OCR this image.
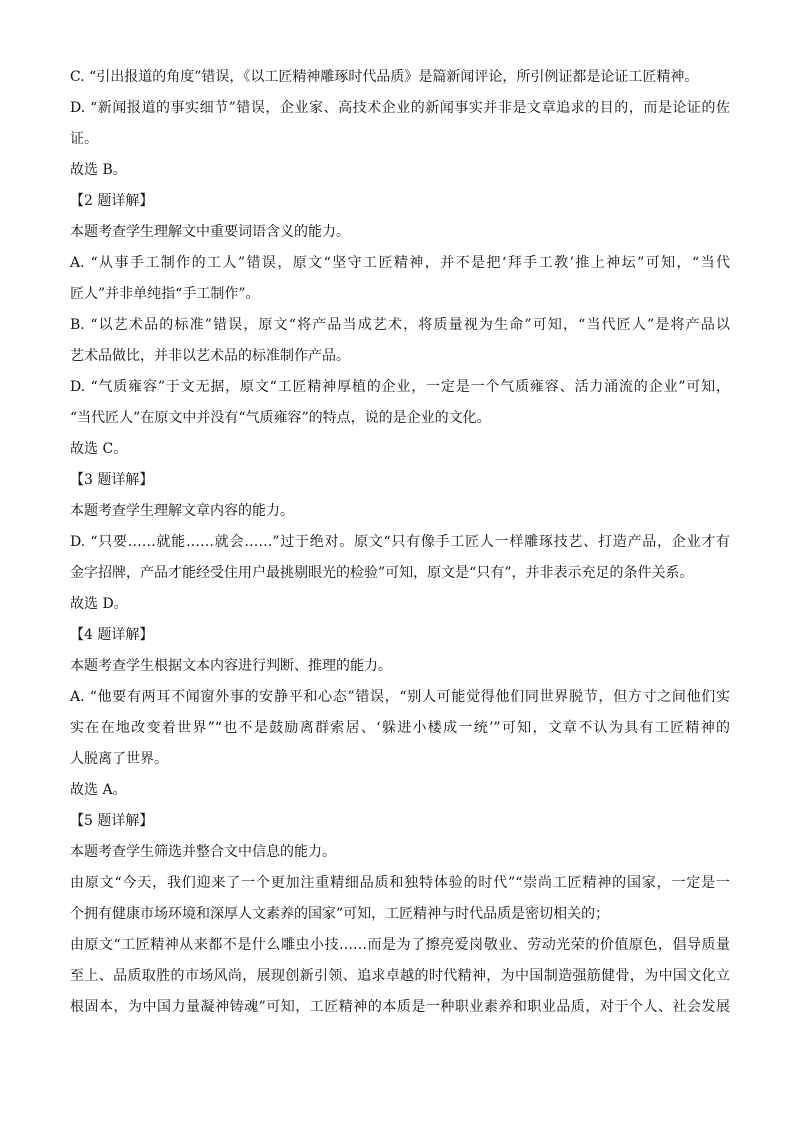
C. “引出报道的角度”错误，《以工匠精神雕琢时代品质》是篇新闻评论，所引例证都是论证工匠精神。
D. “新闻报道的事实细节”错误，企业家、高技术企业的新闻事实并非是文章追求的目的，而是论证的佐
证。
故选 B。
【2 题详解】
本题考查学生理解文中重要词语含义的能力。
A. “从事手工制作的工人”错误，原文“坚守工匠精神，并不是把‘拜手工教’推上神坛”可知，“当代
匠人”并非单纯指“手工制作”。
B. “以艺术品的标准”错误，原文“将产品当成艺术，将质量视为生命”可知，“当代匠人”是将产品以
艺术品做比，并非以艺术品的标准制作产品。
D. “气质雍容”于文无据，原文“工匠精神厚植的企业，一定是一个气质雍容、活力涌流的企业”可知，
“当代匠人”在原文中并没有“气质雍容”的特点，说的是企业的文化。
故选 C。
【3 题详解】
本题考查学生理解文章内容的能力。
D. “只要……就能……就会……”过于绝对。原文“只有像手工匠人一样雕琢技艺、打造产品，企业才有
金字招牌，产品才能经受住用户最挑剔眼光的检验”可知，原文是“只有”，并非表示充足的条件关系。
故选 D。
【4 题详解】
本题考查学生根据文本内容进行判断、推理的能力。
A. “他要有两耳不闻窗外事的安静平和心态”错误，“别人可能觉得他们同世界脱节，但方寸之间他们实
实在在地改变着世界”“也不是鼓励离群索居、‘躲进小楼成一统’”可知，文章不认为具有工匠精神的
人脱离了世界。
故选 A。
【5 题详解】
本题考查学生筛选并整合文中信息的能力。
由原文“今天，我们迎来了一个更加注重精细品质和独特体验的时代”“崇尚工匠精神的国家，一定是一
个拥有健康市场环境和深厚人文素养的国家”可知，工匠精神与时代品质是密切相关的；
由原文“工匠精神从来都不是什么雕虫小技……而是为了擦亮爱岗敬业、劳动光荣的价值原色，倡导质量
至上、品质取胜的市场风尚，展现创新引领、追求卓越的时代精神，为中国制造强筋健骨，为中国文化立
根固本，为中国力量凝神铸魂”可知，工匠精神的本质是一种职业素养和职业品质，对于个人、社会发展
